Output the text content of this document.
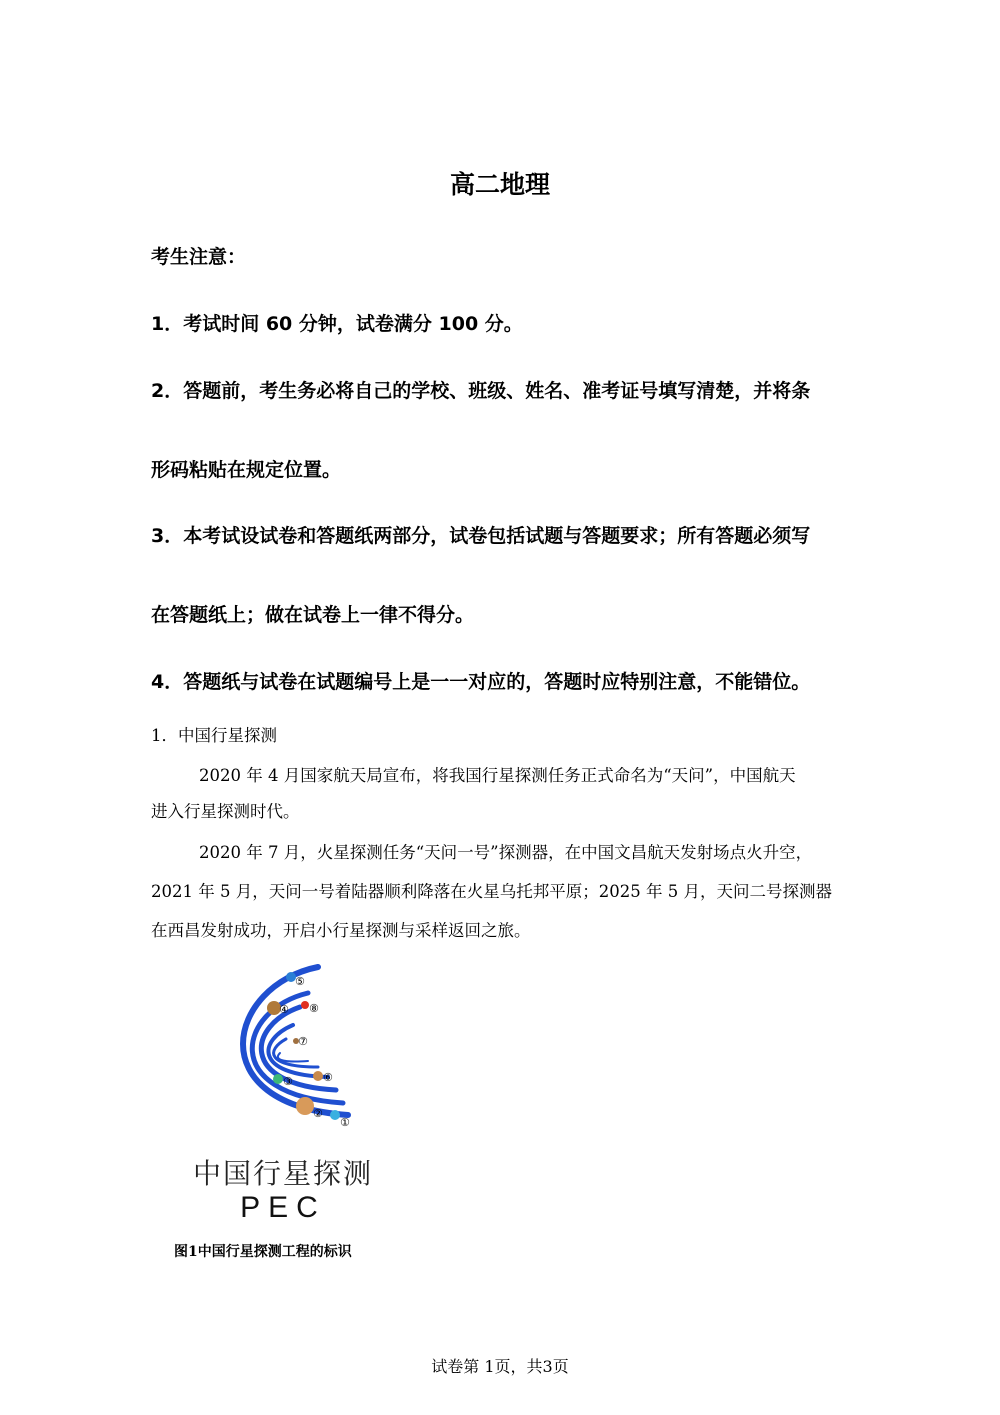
高二地理
考生注意：
1．考试时间 60 分钟，试卷满分 100 分。
2．答题前，考生务必将自己的学校、班级、姓名、准考证号填写清楚，并将条
形码粘贴在规定位置。
3．本考试设试卷和答题纸两部分，试卷包括试题与答题要求；所有答题必须写
在答题纸上；做在试卷上一律不得分。
4．答题纸与试卷在试题编号上是一一对应的，答题时应特别注意，不能错位。
1．中国行星探测
2020 年 4 月国家航天局宣布，将我国行星探测任务正式命名为“天问”，中国航天
进入行星探测时代。
2020 年 7 月，火星探测任务“天问一号”探测器，在中国文昌航天发射场点火升空，
2021 年 5 月，天问一号着陆器顺利降落在火星乌托邦平原；2025 年 5 月，天问二号探测器
在西昌发射成功，开启小行星探测与采样返回之旅。
①
②
③
④
⑤
⑥
⑦
⑧
中国行星探测
PEC
图1中国行星探测工程的标识
试卷第 1页，共3页
